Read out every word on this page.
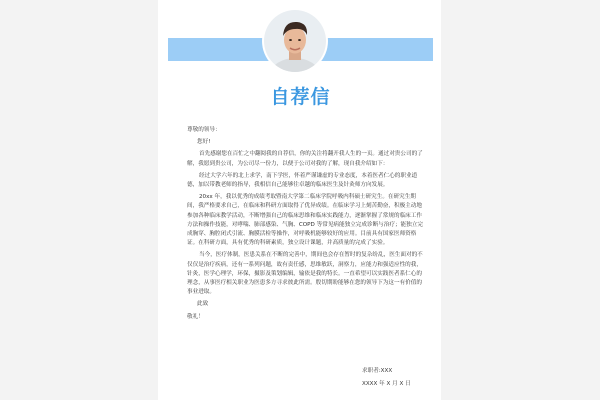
自荐信

尊敬的领导：

您好!

首先感谢您在百忙之中翻阅我的自荐信，你的关注将翻开我人生的一页。通过对贵公司的了解，我愿到贵公司，为公司尽一份力，以便于公司对我的了解，现自我介绍如下：

经过大学六年的北上求学，南下学医，怀着严谨谦虚的专业态度，本着医者仁心的职业道德，加以带教老师的指导，我相信自己能够往卓越的临床医生及针灸师方向发展。

20xx 年，我以优秀的成绩考取暨南大学第二临床学院呼吸内科硕士研究生。在研究生期间，我严格要求自己，在临床和科研方面取得了优异成绩。在临床学习上刻苦勤奋，积极主动地参加各种临床教学活动，不断增强自己的临床思维和临床实践能力，逐渐掌握了常规的临床工作方法和操作技能，对哮喘、肺部感染、气胸、COPD 等常见病能独立完成诊断与治疗；能独立完成胸穿、胸腔闭式引流、胸膜活检等操作，对呼吸机能够较好的应用。目前具有国家医师资格证。在科研方面，具有优秀的科研素质，独立设计课题，并高质量的完成了实验。

当今，医疗体制，医患关系在不断的完善中，期间也会存在暂时的复杂纷乱，医生面对的不仅仅是治疗疾病，还有一系列问题，故有责任感，思维敏跃，洞察力，应能力和强适应性的我，针灸，医学心理学，环保，摄影及策划编辑，输依是我的特长。一直希望可以实践医者系仁心的理念，从事医疗相关职业为医患多方寻求彼此所需。殷切期盼能够在您的领导下为这一有价值的事业进取。

此致

敬礼！

求职者:XXX
XXXX 年 X 月 X 日
